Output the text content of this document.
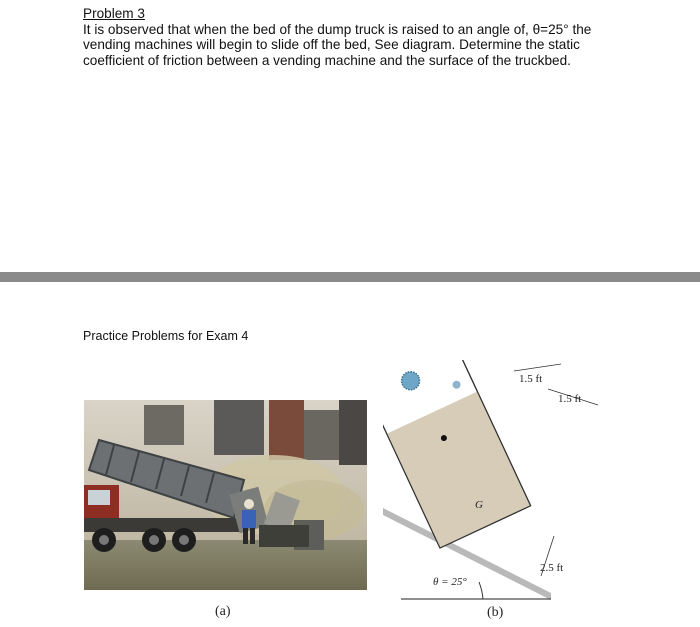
Problem 3

It is observed that when the bed of the dump truck is raised to an angle of, θ=25° the

vending machines will begin to slide off the bed, See diagram. Determine the static

coefficient of friction between a vending machine and the surface of the truckbed.

Practice Problems for Exam 4
(a)
1.5 ft
1.5 ft
2.5 ft
G
θ = 25°
(b)
